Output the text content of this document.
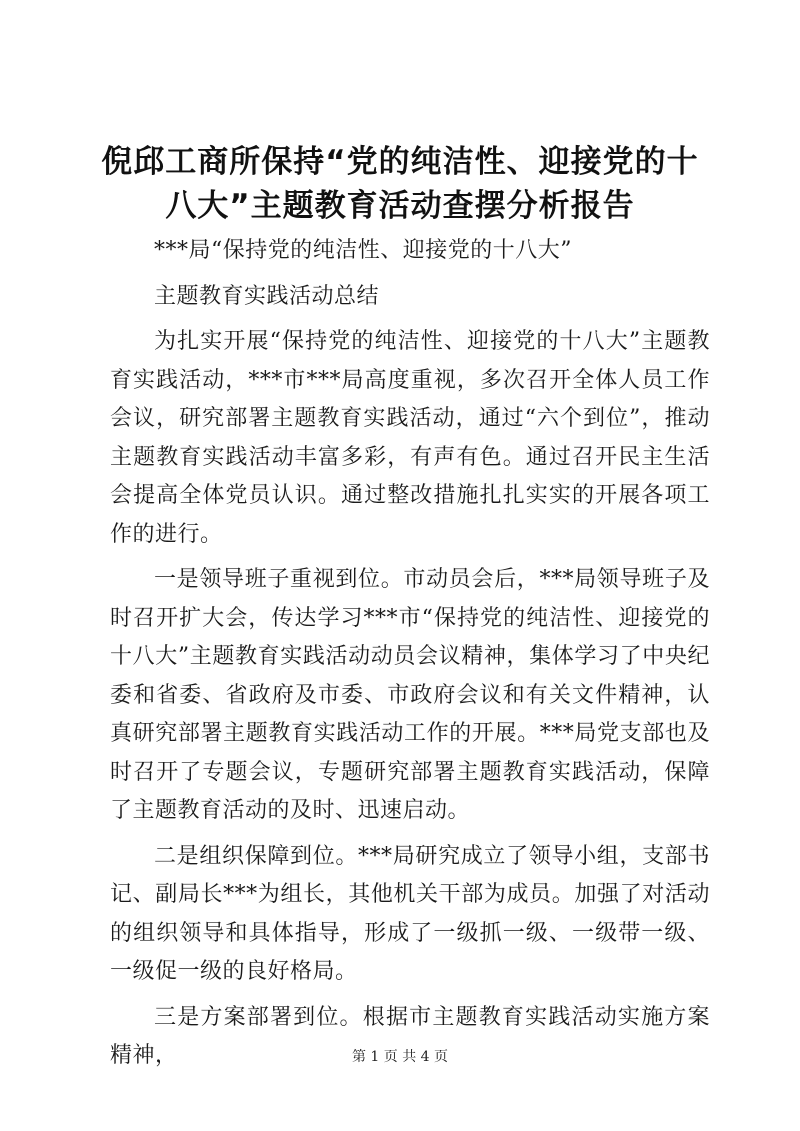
倪邱工商所保持“党的纯洁性、迎接党的十八大”主题教育活动查摆分析报告

***局“保持党的纯洁性、迎接党的十八大”

主题教育实践活动总结

为扎实开展“保持党的纯洁性、迎接党的十八大”主题教育实践活动，***市***局高度重视，多次召开全体人员工作会议，研究部署主题教育实践活动，通过“六个到位”，推动主题教育实践活动丰富多彩，有声有色。通过召开民主生活会提高全体党员认识。通过整改措施扎扎实实的开展各项工作的进行。

一是领导班子重视到位。市动员会后，***局领导班子及时召开扩大会，传达学习***市“保持党的纯洁性、迎接党的十八大”主题教育实践活动动员会议精神，集体学习了中央纪委和省委、省政府及市委、市政府会议和有关文件精神，认真研究部署主题教育实践活动工作的开展。***局党支部也及时召开了专题会议，专题研究部署主题教育实践活动，保障了主题教育活动的及时、迅速启动。

二是组织保障到位。***局研究成立了领导小组，支部书记、副局长***为组长，其他机关干部为成员。加强了对活动的组织领导和具体指导，形成了一级抓一级、一级带一级、一级促一级的良好格局。

三是方案部署到位。根据市主题教育实践活动实施方案精神，	第 1 页 共 4 页
